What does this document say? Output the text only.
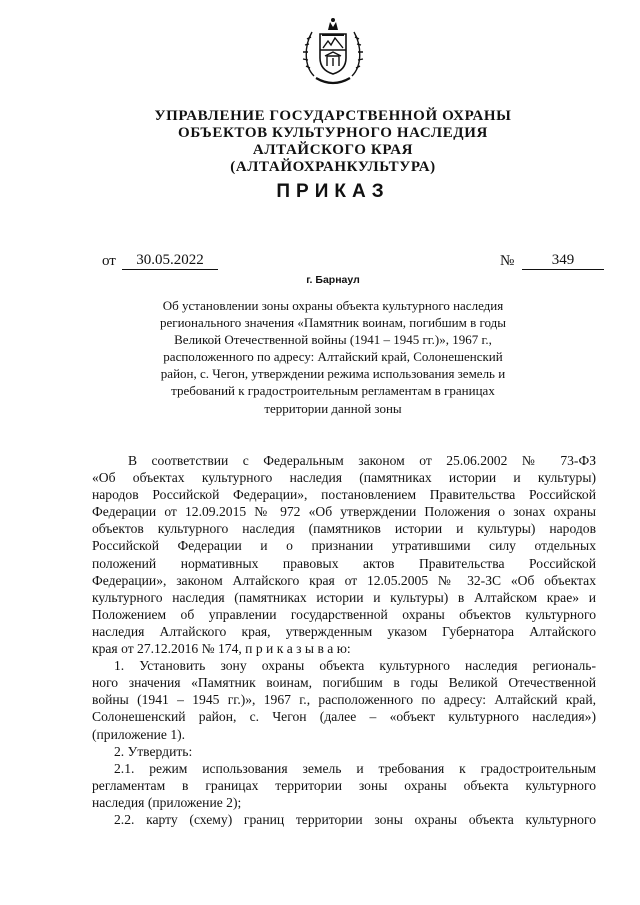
УПРАВЛЕНИЕ ГОСУДАРСТВЕННОЙ ОХРАНЫ
ОБЪЕКТОВ КУЛЬТУРНОГО НАСЛЕДИЯ
АЛТАЙСКОГО КРАЯ
(АЛТАЙОХРАНКУЛЬТУРА)
ПРИКАЗ
от	30.05.2022	№	349
г. Барнаул
Об установлении зоны охраны объекта культурного наследия
регионального значения «Памятник воинам, погибшим в годы
Великой Отечественной войны (1941 – 1945 гг.)», 1967 г.,
расположенного по адресу: Алтайский край, Солонешенский
район, с. Чегон, утверждении режима использования земель и
требований к градостроительным регламентам в границах
территории данной зоны
В соответствии с Федеральным законом от 25.06.2002 № 73-ФЗ
«Об объектах культурного наследия (памятниках истории и культуры)
народов Российской Федерации», постановлением Правительства Российской
Федерации от 12.09.2015 № 972 «Об утверждении Положения о зонах охраны
объектов культурного наследия (памятников истории и культуры) народов
Российской Федерации и о признании утратившими силу отдельных
положений нормативных правовых актов Правительства Российской
Федерации», законом Алтайского края от 12.05.2005 № 32-ЗС «Об объектах
культурного наследия (памятниках истории и культуры) в Алтайском крае» и
Положением об управлении государственной охраны объектов культурного
наследия Алтайского края, утвержденным указом Губернатора Алтайского
края от 27.12.2016 № 174, п р и к а з ы в а ю:
1. Установить зону охраны объекта культурного наследия региональ-
ного значения «Памятник воинам, погибшим в годы Великой Отечественной
войны (1941 – 1945 гг.)», 1967 г., расположенного по адресу: Алтайский край,
Солонешенский район, с. Чегон (далее – «объект культурного наследия»)
(приложение 1).
2. Утвердить:
2.1. режим использования земель и требования к градостроительным
регламентам в границах территории зоны охраны объекта культурного
наследия (приложение 2);
2.2. карту (схему) границ территории зоны охраны объекта культурного
